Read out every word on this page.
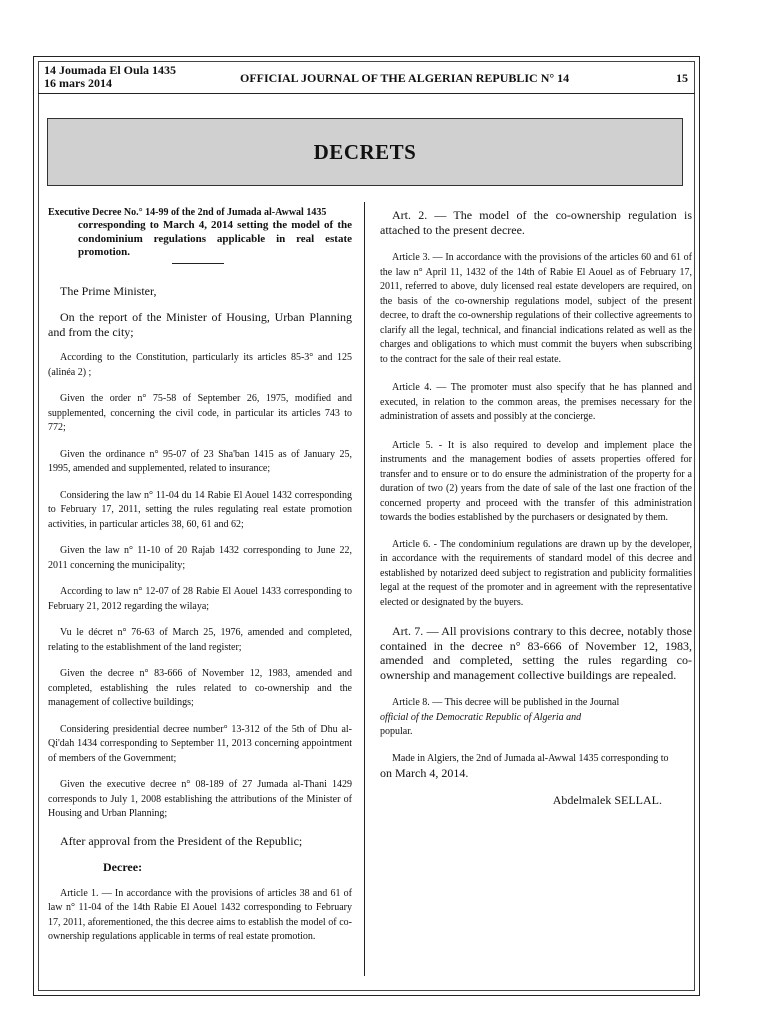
14 Joumada El Oula 1435
16 mars 2014	OFFICIAL JOURNAL OF THE ALGERIAN REPUBLIC N° 14	15
DECRETS

Executive Decree No.° 14-99 of the 2nd of Jumada al-Awwal 1435

corresponding to March 4, 2014 setting the model of the condominium regulations applicable in real estate promotion.

The Prime Minister,

On the report of the Minister of Housing, Urban Planning and from the city;

According to the Constitution, particularly its articles 85-3° and 125 (alinéa 2) ;

Given the order n° 75-58 of September 26, 1975, modified and supplemented, concerning the civil code, in particular its articles 743 to 772;

Given the ordinance n° 95-07 of 23 Sha'ban 1415 as of January 25, 1995, amended and supplemented, related to insurance;

Considering the law n° 11-04 du 14 Rabie El Aouel 1432 corresponding to February 17, 2011, setting the rules regulating real estate promotion activities, in particular articles 38, 60, 61 and 62;

Given the law n° 11-10 of 20 Rajab 1432 corresponding to June 22, 2011 concerning the municipality;

According to law n° 12-07 of 28 Rabie El Aouel 1433 corresponding to February 21, 2012 regarding the wilaya;

Vu le décret n° 76-63 of March 25, 1976, amended and completed, relating to the establishment of the land register;

Given the decree n° 83-666 of November 12, 1983, amended and completed, establishing the rules related to co-ownership and the management of collective buildings;

Considering presidential decree number° 13-312 of the 5th of Dhu al-Qi'dah 1434 corresponding to September 11, 2013 concerning appointment of members of the Government;

Given the executive decree n° 08-189 of 27 Jumada al-Thani 1429 corresponds to July 1, 2008 establishing the attributions of the Minister of Housing and Urban Planning;

After approval from the President of the Republic;

Decree:

Article 1. — In accordance with the provisions of articles 38 and 61 of law n° 11-04 of the 14th Rabie El Aouel 1432 corresponding to February 17, 2011, aforementioned, the this decree aims to establish the model of co-ownership regulations applicable in terms of real estate promotion.

Art. 2. — The model of the co-ownership regulation is attached to the present decree.

Article 3. — In accordance with the provisions of the articles 60 and 61 of the law n° April 11, 1432 of the 14th of Rabie El Aouel as of February 17, 2011, referred to above, duly licensed real estate developers are required, on the basis of the co-ownership regulations model, subject of the present decree, to draft the co-ownership regulations of their collective agreements to clarify all the legal, technical, and financial indications related as well as the charges and obligations to which must commit the buyers when subscribing to the contract for the sale of their real estate.

Article 4. — The promoter must also specify that he has planned and executed, in relation to the common areas, the premises necessary for the administration of assets and possibly at the concierge.

Article 5. - It is also required to develop and implement place the instruments and the management bodies of assets properties offered for transfer and to ensure or to do ensure the administration of the property for a duration of two (2) years from the date of sale of the last one fraction of the concerned property and proceed with the transfer of this administration towards the bodies established by the purchasers or designated by them.

Article 6. - The condominium regulations are drawn up by the developer, in accordance with the requirements of standard model of this decree and established by notarized deed subject to registration and publicity formalities legal at the request of the promoter and in agreement with the representative elected or designated by the buyers.

Art. 7. — All provisions contrary to this decree, notably those contained in the decree n° 83-666 of November 12, 1983, amended and completed, setting the rules regarding co-ownership and management collective buildings are repealed.

Article 8. — This decree will be published in the Journal

official of the Democratic Republic of Algeria and

popular.

Made in Algiers, the 2nd of Jumada al-Awwal 1435 corresponding to

on March 4, 2014.

Abdelmalek SELLAL.
